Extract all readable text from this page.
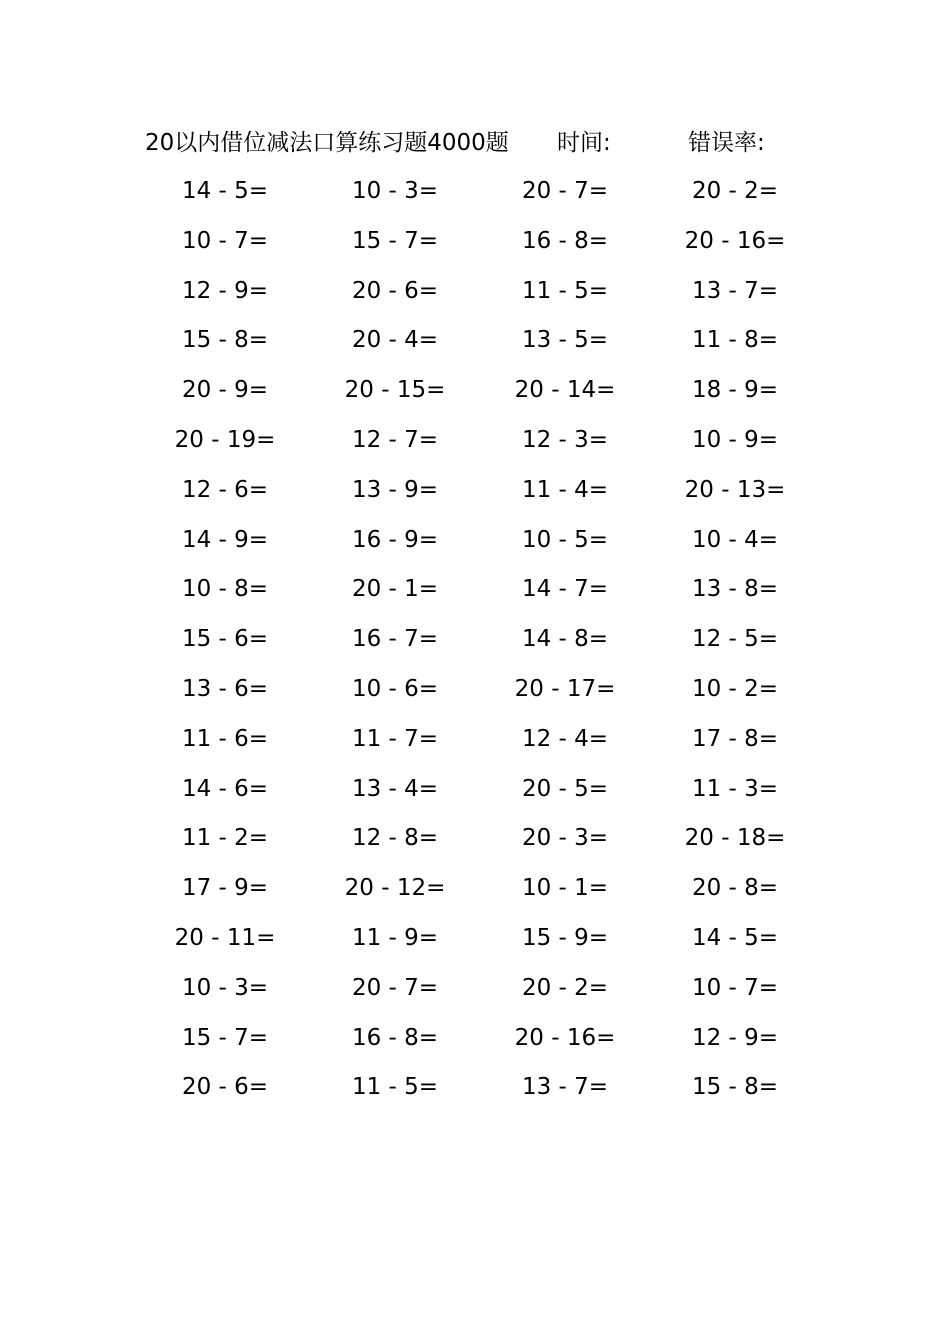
20以内借位减法口算练习题4000题 时间:	错误率:
14 - 5=	10 - 3=	20 - 7=	20 - 2=
10 - 7=	15 - 7=	16 - 8=	20 - 16=
12 - 9=	20 - 6=	11 - 5=	13 - 7=
15 - 8=	20 - 4=	13 - 5=	11 - 8=
20 - 9=	20 - 15=	20 - 14=	18 - 9=
20 - 19=	12 - 7=	12 - 3=	10 - 9=
12 - 6=	13 - 9=	11 - 4=	20 - 13=
14 - 9=	16 - 9=	10 - 5=	10 - 4=
10 - 8=	20 - 1=	14 - 7=	13 - 8=
15 - 6=	16 - 7=	14 - 8=	12 - 5=
13 - 6=	10 - 6=	20 - 17=	10 - 2=
11 - 6=	11 - 7=	12 - 4=	17 - 8=
14 - 6=	13 - 4=	20 - 5=	11 - 3=
11 - 2=	12 - 8=	20 - 3=	20 - 18=
17 - 9=	20 - 12=	10 - 1=	20 - 8=
20 - 11=	11 - 9=	15 - 9=	14 - 5=
10 - 3=	20 - 7=	20 - 2=	10 - 7=
15 - 7=	16 - 8=	20 - 16=	12 - 9=
20 - 6=	11 - 5=	13 - 7=	15 - 8=
